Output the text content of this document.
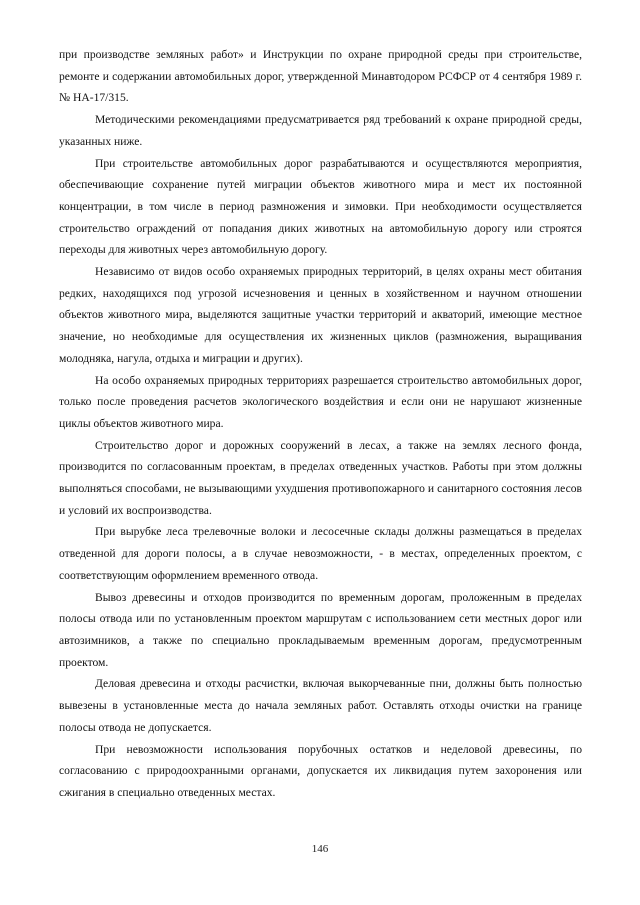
при производстве земляных работ» и Инструкции по охране природной среды при строительстве, ремонте и содержании автомобильных дорог, утвержденной Минавтодором РСФСР от 4 сентября 1989 г. № НА-17/315.

Методическими рекомендациями предусматривается ряд требований к охране природной среды, указанных ниже.

При строительстве автомобильных дорог разрабатываются и осуществляются мероприятия, обеспечивающие сохранение путей миграции объектов животного мира и мест их постоянной концентрации, в том числе в период размножения и зимовки. При необходимости осуществляется строительство ограждений от попадания диких животных на автомобильную дорогу или строятся переходы для животных через автомобильную дорогу.

Независимо от видов особо охраняемых природных территорий, в целях охраны мест обитания редких, находящихся под угрозой исчезновения и ценных в хозяйственном и научном отношении объектов животного мира, выделяются защитные участки территорий и акваторий, имеющие местное значение, но необходимые для осуществления их жизненных циклов (размножения, выращивания молодняка, нагула, отдыха и миграции и других).

На особо охраняемых природных территориях разрешается строительство автомобильных дорог, только после проведения расчетов экологического воздействия и если они не нарушают жизненные циклы объектов животного мира.

Строительство дорог и дорожных сооружений в лесах, а также на землях лесного фонда, производится по согласованным проектам, в пределах отведенных участков. Работы при этом должны выполняться способами, не вызывающими ухудшения противопожарного и санитарного состояния лесов и условий их воспроизводства.

При вырубке леса трелевочные волоки и лесосечные склады должны размещаться в пределах отведенной для дороги полосы, а в случае невозможности, - в местах, определенных проектом, с соответствующим оформлением временного отвода.

Вывоз древесины и отходов производится по временным дорогам, проложенным в пределах полосы отвода или по установленным проектом маршрутам с использованием сети местных дорог или автозимников, а также по специально прокладываемым временным дорогам, предусмотренным проектом.

Деловая древесина и отходы расчистки, включая выкорчеванные пни, должны быть полностью вывезены в установленные места до начала земляных работ. Оставлять отходы очистки на границе полосы отвода не допускается.

При невозможности использования порубочных остатков и неделовой древесины, по согласованию с природоохранными органами, допускается их ликвидация путем захоронения или сжигания в специально отведенных местах.

146
